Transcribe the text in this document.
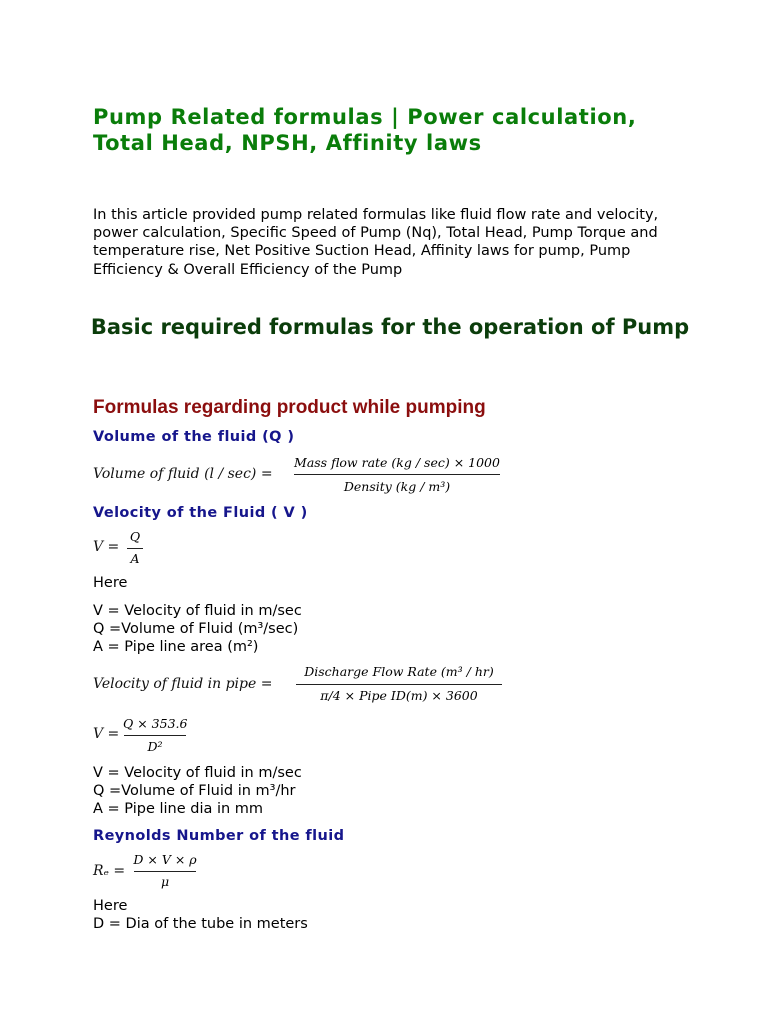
Pump Related formulas | Power calculation, Total Head, NPSH, Affinity laws

In this article provided pump related formulas like fluid flow rate and velocity, power calculation, Specific Speed of Pump (Nq), Total Head, Pump Torque and temperature rise, Net Positive Suction Head, Affinity laws for pump, Pump Efficiency & Overall Efficiency of the Pump

Basic required formulas for the operation of Pump
Formulas regarding product while pumping
Volume of the fluid (Q )
Volume of fluid (l / sec) =
Mass flow rate (kg / sec) × 1000
Density (kg / m³)
Velocity of the Fluid ( V )
V =
Q
A

Here

V = Velocity of fluid in m/sec

Q =Volume of Fluid (m³/sec)

A = Pipe line area (m²)

Velocity of fluid in pipe =
Discharge Flow Rate (m³ / hr)
π/4 × Pipe ID(m) × 3600
V =
Q × 353.6
D²

V = Velocity of fluid in m/sec

Q =Volume of Fluid in m³/hr

A = Pipe line dia in mm

Reynolds Number of the fluid
Rₑ =
D × V × ρ
μ

Here

D = Dia of the tube in meters
